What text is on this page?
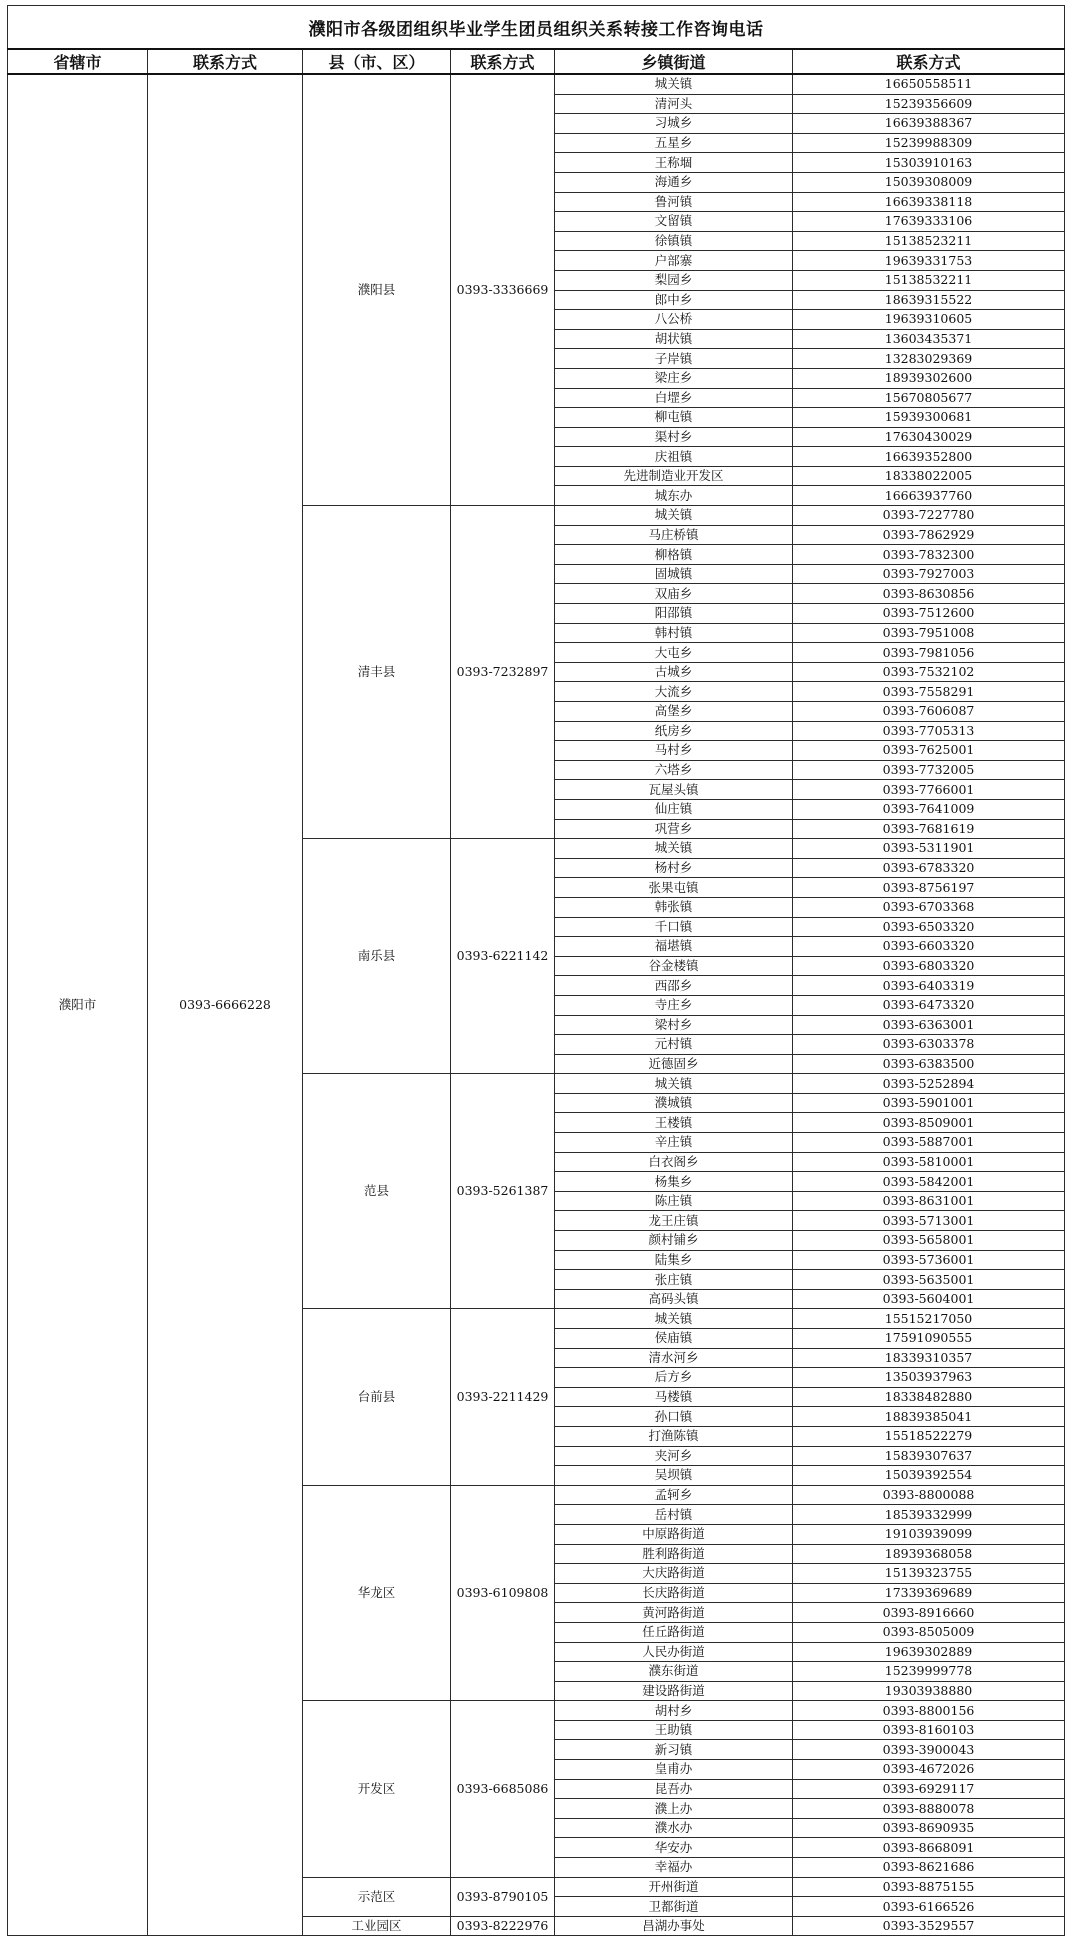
濮阳市各级团组织毕业学生团员组织关系转接工作咨询电话					
省辖市	联系方式	县（市、区）	联系方式	乡镇街道	联系方式
濮阳市	0393-6666228	濮阳县	0393-3336669	城关镇	16650558511
				清河头	15239356609
				习城乡	16639388367
				五星乡	15239988309
				王称堌	15303910163
				海通乡	15039308009
				鲁河镇	16639338118
				文留镇	17639333106
				徐镇镇	15138523211
				户部寨	19639331753
				梨园乡	15138532211
				郎中乡	18639315522
				八公桥	19639310605
				胡状镇	13603435371
				子岸镇	13283029369
				梁庄乡	18939302600
				白堽乡	15670805677
				柳屯镇	15939300681
				渠村乡	17630430029
				庆祖镇	16639352800
				先进制造业开发区	18338022005
				城东办	16663937760
		清丰县	0393-7232897	城关镇	0393-7227780
				马庄桥镇	0393-7862929
				柳格镇	0393-7832300
				固城镇	0393-7927003
				双庙乡	0393-8630856
				阳邵镇	0393-7512600
				韩村镇	0393-7951008
				大屯乡	0393-7981056
				古城乡	0393-7532102
				大流乡	0393-7558291
				高堡乡	0393-7606087
				纸房乡	0393-7705313
				马村乡	0393-7625001
				六塔乡	0393-7732005
				瓦屋头镇	0393-7766001
				仙庄镇	0393-7641009
				巩营乡	0393-7681619
		南乐县	0393-6221142	城关镇	0393-5311901
				杨村乡	0393-6783320
				张果屯镇	0393-8756197
				韩张镇	0393-6703368
				千口镇	0393-6503320
				福堪镇	0393-6603320
				谷金楼镇	0393-6803320
				西邵乡	0393-6403319
				寺庄乡	0393-6473320
				梁村乡	0393-6363001
				元村镇	0393-6303378
				近德固乡	0393-6383500
		范县	0393-5261387	城关镇	0393-5252894
				濮城镇	0393-5901001
				王楼镇	0393-8509001
				辛庄镇	0393-5887001
				白衣阁乡	0393-5810001
				杨集乡	0393-5842001
				陈庄镇	0393-8631001
				龙王庄镇	0393-5713001
				颜村铺乡	0393-5658001
				陆集乡	0393-5736001
				张庄镇	0393-5635001
				高码头镇	0393-5604001
		台前县	0393-2211429	城关镇	15515217050
				侯庙镇	17591090555
				清水河乡	18339310357
				后方乡	13503937963
				马楼镇	18338482880
				孙口镇	18839385041
				打渔陈镇	15518522279
				夹河乡	15839307637
				吴坝镇	15039392554
		华龙区	0393-6109808	孟轲乡	0393-8800088
				岳村镇	18539332999
				中原路街道	19103939099
				胜利路街道	18939368058
				大庆路街道	15139323755
				长庆路街道	17339369689
				黄河路街道	0393-8916660
				任丘路街道	0393-8505009
				人民办街道	19639302889
				濮东街道	15239999778
				建设路街道	19303938880
		开发区	0393-6685086	胡村乡	0393-8800156
				王助镇	0393-8160103
				新习镇	0393-3900043
				皇甫办	0393-4672026
				昆吾办	0393-6929117
				濮上办	0393-8880078
				濮水办	0393-8690935
				华安办	0393-8668091
				幸福办	0393-8621686
		示范区	0393-8790105	开州街道	0393-8875155
				卫都街道	0393-6166526
		工业园区	0393-8222976	昌湖办事处	0393-3529557
